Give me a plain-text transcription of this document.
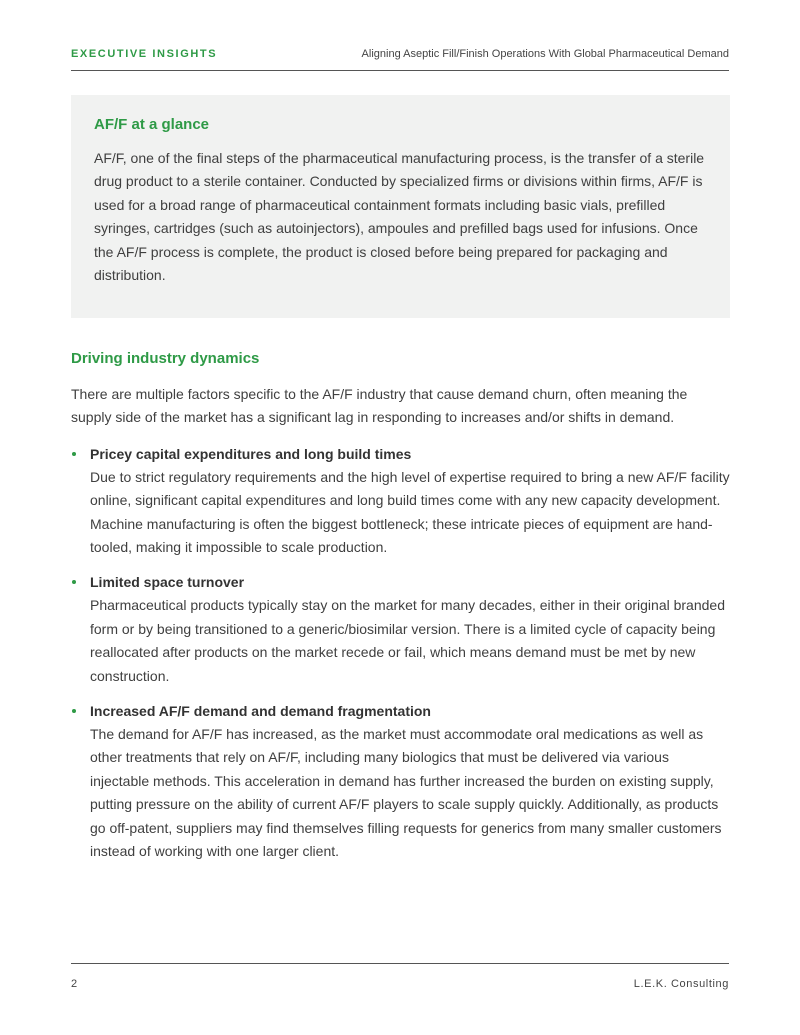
EXECUTIVE INSIGHTS	Aligning Aseptic Fill/Finish Operations With Global Pharmaceutical Demand
AF/F at a glance

AF/F, one of the final steps of the pharmaceutical manufacturing process, is the transfer of a sterile drug product to a sterile container. Conducted by specialized firms or divisions within firms, AF/F is used for a broad range of pharmaceutical containment formats including basic vials, prefilled syringes, cartridges (such as autoinjectors), ampoules and prefilled bags used for infusions. Once the AF/F process is complete, the product is closed before being prepared for packaging and distribution.

Driving industry dynamics

There are multiple factors specific to the AF/F industry that cause demand churn, often meaning the supply side of the market has a significant lag in responding to increases and/or shifts in demand.

Pricey capital expenditures and long build times
Due to strict regulatory requirements and the high level of expertise required to bring a new AF/F facility online, significant capital expenditures and long build times come with any new capacity development. Machine manufacturing is often the biggest bottleneck; these intricate pieces of equipment are hand-tooled, making it impossible to scale production.
Limited space turnover
Pharmaceutical products typically stay on the market for many decades, either in their original branded form or by being transitioned to a generic/biosimilar version. There is a limited cycle of capacity being reallocated after products on the market recede or fail, which means demand must be met by new construction.
Increased AF/F demand and demand fragmentation
The demand for AF/F has increased, as the market must accommodate oral medications as well as other treatments that rely on AF/F, including many biologics that must be delivered via various injectable methods. This acceleration in demand has further increased the burden on existing supply, putting pressure on the ability of current AF/F players to scale supply quickly. Additionally, as products go off-patent, suppliers may find themselves filling requests for generics from many smaller customers instead of working with one larger client.
2	L.E.K. Consulting
